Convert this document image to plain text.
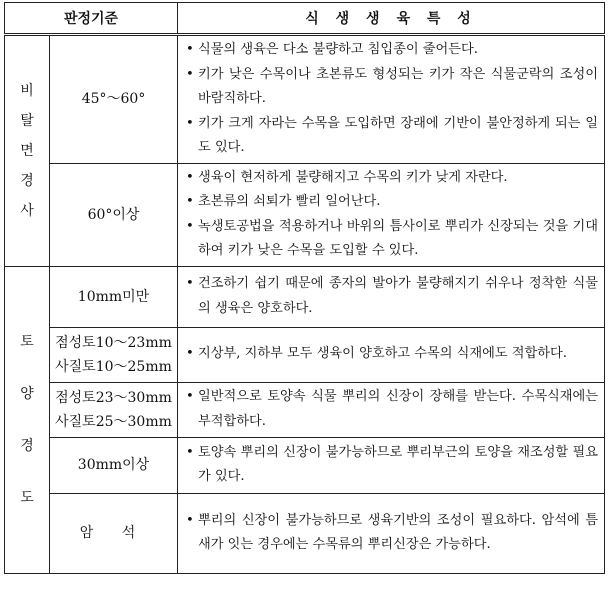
판정기준		식 생 생 육 특 성

비
탈
면
경
사	45°～60°	• 식물의 생육은 다소 불량하고 침입종이 줄어든다.
• 키가 낮은 수목이나 초본류도 형성되는 키가 작은 식물군락의 조성이 바람직하다.
• 키가 크게 자라는 수목을 도입하면 장래에 기반이 불안정하게 되는 일도 있다.

	60°이상	• 생육이 현저하게 불량해지고 수목의 키가 낮게 자란다.
• 초본류의 쇠퇴가 빨리 일어난다.
• 녹생토공법을 적용하거나 바위의 틈사이로 뿌리가 신장되는 것을 기대하여 키가 낮은 수목을 도입할 수 있다.

토
양
경
도	10mm미만	• 건조하기 쉽기 때문에 종자의 발아가 불량해지기 쉬우나 정착한 식물의 생육은 양호하다.

	점성토10～23mm
사질토10～25mm	• 지상부, 지하부 모두 생육이 양호하고 수목의 식재에도 적합하다.

	점성토23～30mm
사질토25～30mm	• 일반적으로 토양속 식물 뿌리의 신장이 장해를 받는다. 수목식재에는 부적합하다.

	30mm이상	• 토양속 뿌리의 신장이 불가능하므로 뿌리부근의 토양을 재조성할 필요가 있다.

	암 석	• 뿌리의 신장이 불가능하므로 생육기반의 조성이 필요하다. 암석에 틈새가 잇는 경우에는 수목류의 뿌리신장은 가능하다.
